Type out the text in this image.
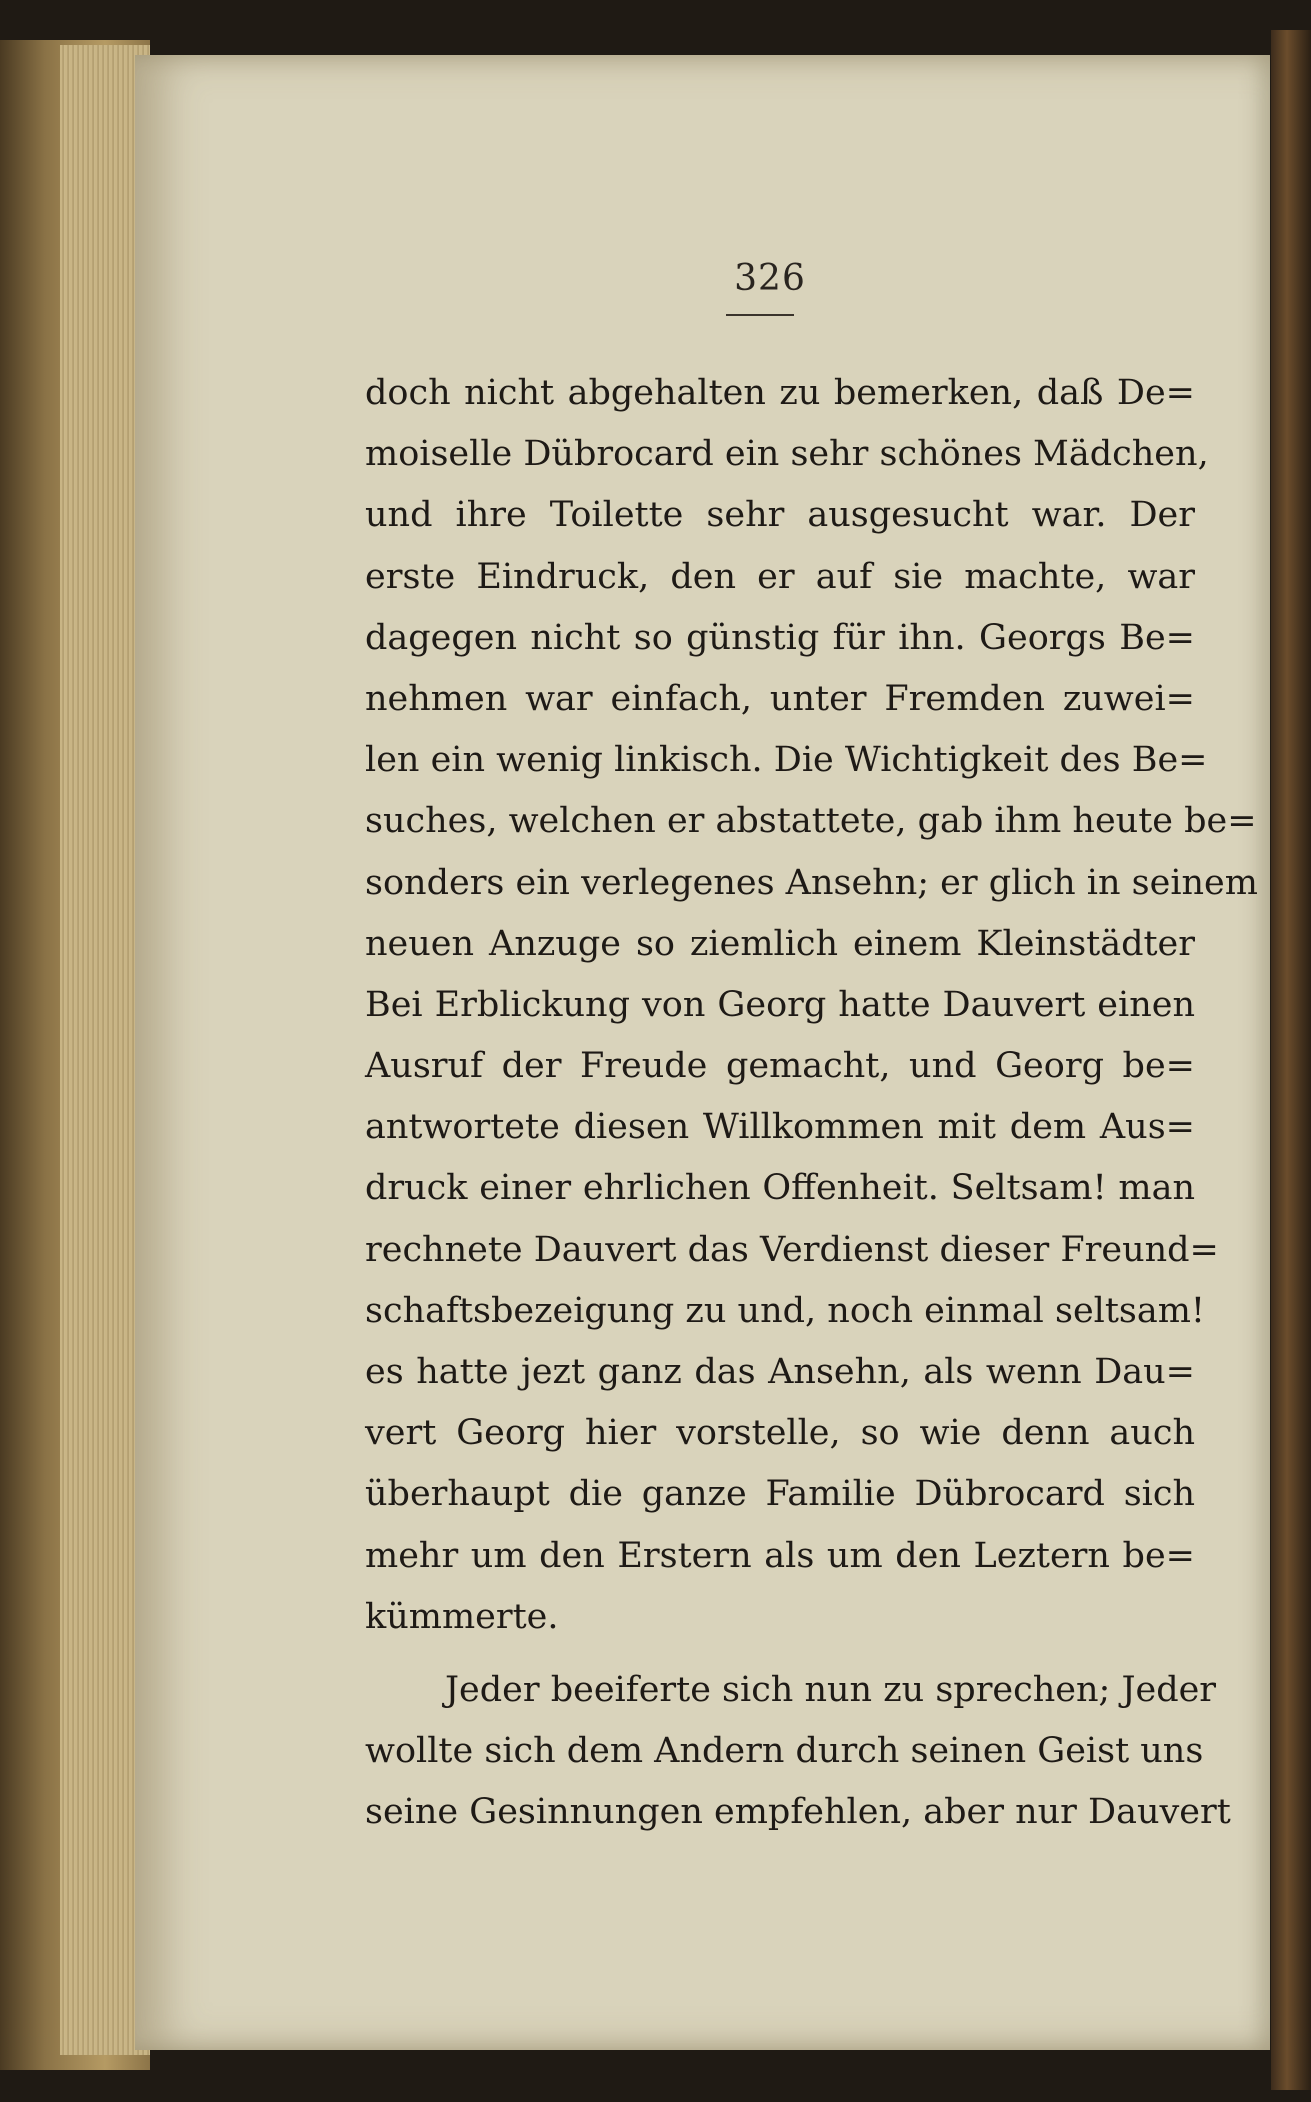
326
doch nicht abgehalten zu bemerken, daß De=
moiselle Dübrocard ein sehr schönes Mädchen,
und ihre Toilette sehr ausgesucht war. Der
erste Eindruck, den er auf sie machte, war
dagegen nicht so günstig für ihn. Georgs Be=
nehmen war einfach, unter Fremden zuwei=
len ein wenig linkisch. Die Wichtigkeit des Be=
suches, welchen er abstattete, gab ihm heute be=
sonders ein verlegenes Ansehn; er glich in seinem
neuen Anzuge so ziemlich einem Kleinstädter
Bei Erblickung von Georg hatte Dauvert einen
Ausruf der Freude gemacht, und Georg be=
antwortete diesen Willkommen mit dem Aus=
druck einer ehrlichen Offenheit. Seltsam! man
rechnete Dauvert das Verdienst dieser Freund=
schaftsbezeigung zu und, noch einmal seltsam!
es hatte jezt ganz das Ansehn, als wenn Dau=
vert Georg hier vorstelle, so wie denn auch
überhaupt die ganze Familie Dübrocard sich
mehr um den Erstern als um den Leztern be=
kümmerte.
Jeder beeiferte sich nun zu sprechen; Jeder
wollte sich dem Andern durch seinen Geist uns
seine Gesinnungen empfehlen, aber nur Dauvert
